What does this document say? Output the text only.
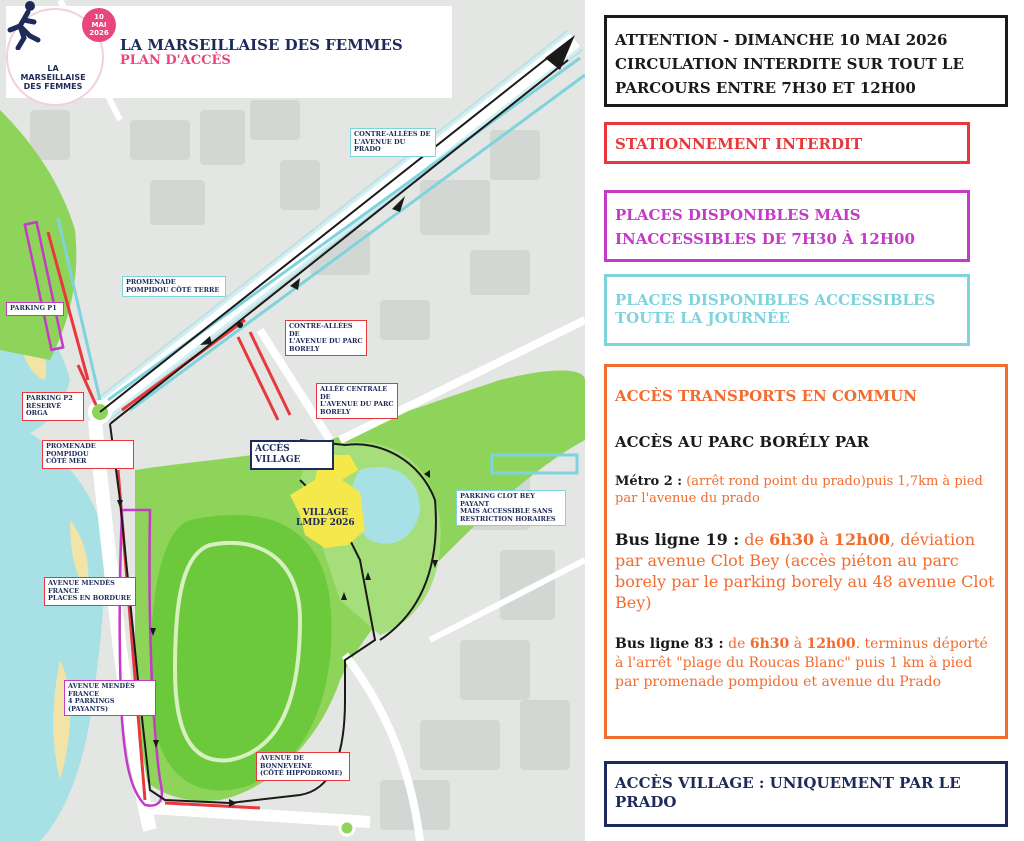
10
MAI
2026
LA MARSEILLAISE
DES FEMMES
LA MARSEILLAISE DES FEMMES
PLAN D'ACCÈS
CONTRE-ALLÉES DE
L'AVENUE DU PRADO
PROMENADE
POMPIDOU CÔTÉ TERRE
PARKING P1
CONTRE-ALLÉES DE
L'AVENUE DU PARC
BORELY
PARKING P2
RÉSERVÉ ORGA
ALLÉE CENTRALE DE
L'AVENUE DU PARC
BORELY
PROMENADE POMPIDOU
CÔTÉ MER
ACCÈS VILLAGE
PARKING CLOT BEY PAYANT
MAIS ACCESSIBLE SANS
RESTRICTION HORAIRES
VILLAGE
LMDF 2026
AVENUE MENDÈS FRANCE
PLACES EN BORDURE
AVENUE MENDÈS FRANCE
4 PARKINGS (PAYANTS)
AVENUE DE BONNEVEINE
(CÔTÉ HIPPODROME)
ATTENTION - DIMANCHE 10 MAI 2026
CIRCULATION INTERDITE SUR TOUT LE
PARCOURS ENTRE 7H30 ET 12H00
STATIONNEMENT INTERDIT
PLACES DISPONIBLES MAIS
INACCESSIBLES DE 7H30 À 12H00
PLACES DISPONIBLES ACCESSIBLES
TOUTE LA JOURNÉE
ACCÈS TRANSPORTS EN COMMUN
ACCÈS AU PARC BORÉLY PAR
Métro 2 : (arrêt rond point du prado)puis 1,7km à pied par l'avenue du prado
Bus ligne 19 : de 6h30 à 12h00, déviation par avenue Clot Bey (accès piéton au parc borely par le parking borely au 48 avenue Clot Bey)
Bus ligne 83 : de 6h30 à 12h00. terminus déporté à l'arrêt "plage du Roucas Blanc" puis 1 km à pied par promenade pompidou et avenue du Prado
ACCÈS VILLAGE : UNIQUEMENT PAR LE
PRADO
